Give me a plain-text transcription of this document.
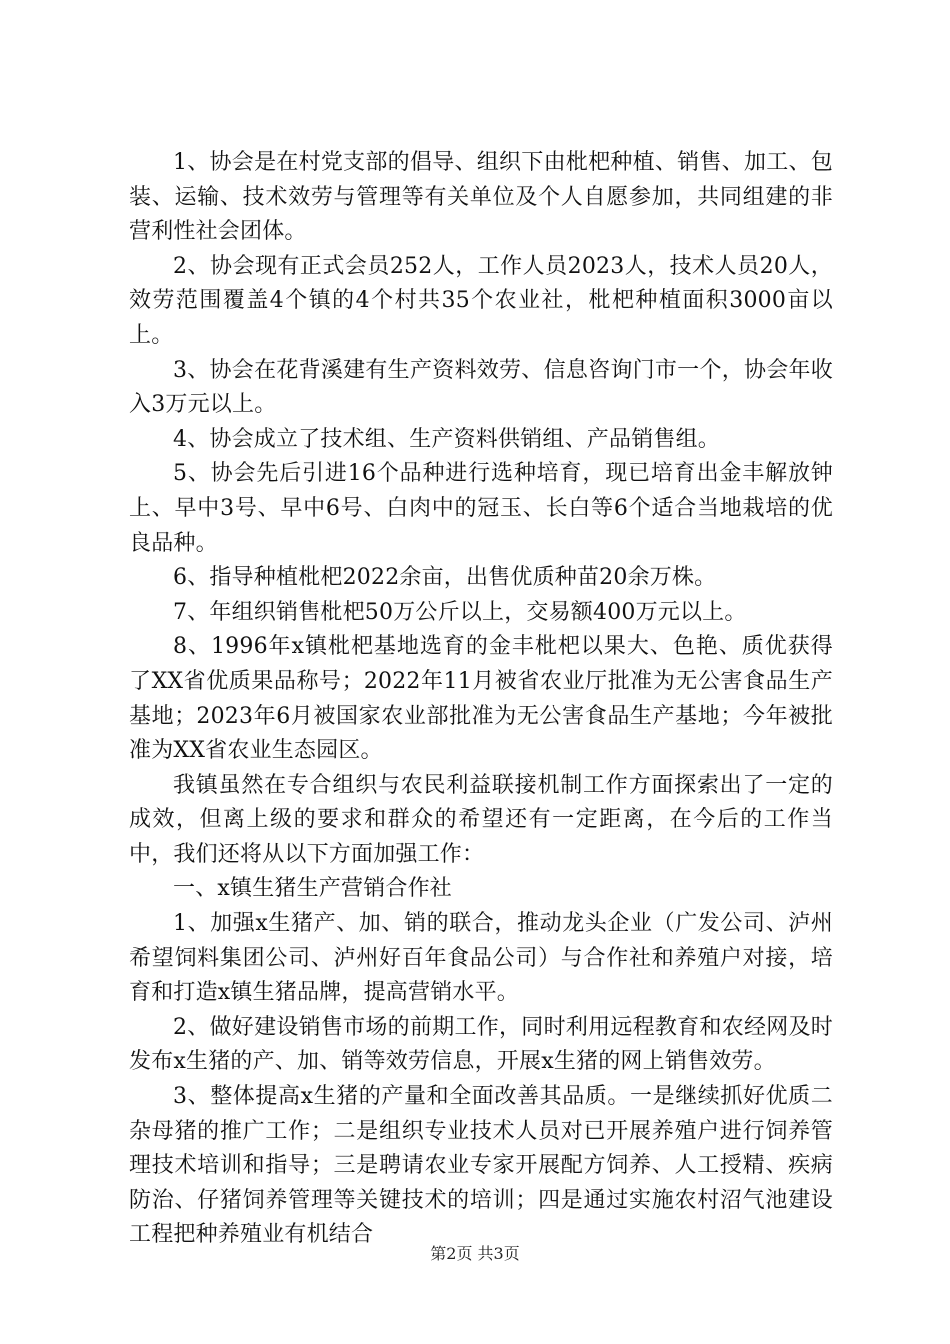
1、协会是在村党支部的倡导、组织下由枇杷种植、销售、加工、包装、运输、技术效劳与管理等有关单位及个人自愿参加，共同组建的非营利性社会团体。

2、协会现有正式会员252人，工作人员2023人，技术人员20人，效劳范围覆盖4个镇的4个村共35个农业社，枇杷种植面积3000亩以上。

3、协会在花背溪建有生产资料效劳、信息咨询门市一个，协会年收入3万元以上。

4、协会成立了技术组、生产资料供销组、产品销售组。

5、协会先后引进16个品种进行选种培育，现已培育出金丰解放钟上、早中3号、早中6号、白肉中的冠玉、长白等6个适合当地栽培的优良品种。

6、指导种植枇杷2022余亩，出售优质种苗20余万株。

7、年组织销售枇杷50万公斤以上，交易额400万元以上。

8、1996年x镇枇杷基地选育的金丰枇杷以果大、色艳、质优获得了XX省优质果品称号；2022年11月被省农业厅批准为无公害食品生产基地；2023年6月被国家农业部批准为无公害食品生产基地；今年被批准为XX省农业生态园区。

我镇虽然在专合组织与农民利益联接机制工作方面探索出了一定的成效，但离上级的要求和群众的希望还有一定距离，在今后的工作当中，我们还将从以下方面加强工作：

一、x镇生猪生产营销合作社

1、加强x生猪产、加、销的联合，推动龙头企业（广发公司、泸州希望饲料集团公司、泸州好百年食品公司）与合作社和养殖户对接，培育和打造x镇生猪品牌，提高营销水平。

2、做好建设销售市场的前期工作，同时利用远程教育和农经网及时发布x生猪的产、加、销等效劳信息，开展x生猪的网上销售效劳。

3、整体提高x生猪的产量和全面改善其品质。一是继续抓好优质二杂母猪的推广工作；二是组织专业技术人员对已开展养殖户进行饲养管理技术培训和指导；三是聘请农业专家开展配方饲养、人工授精、疾病防治、仔猪饲养管理等关键技术的培训；四是通过实施农村沼气池建设工程把种养殖业有机结合

第2页 共3页
